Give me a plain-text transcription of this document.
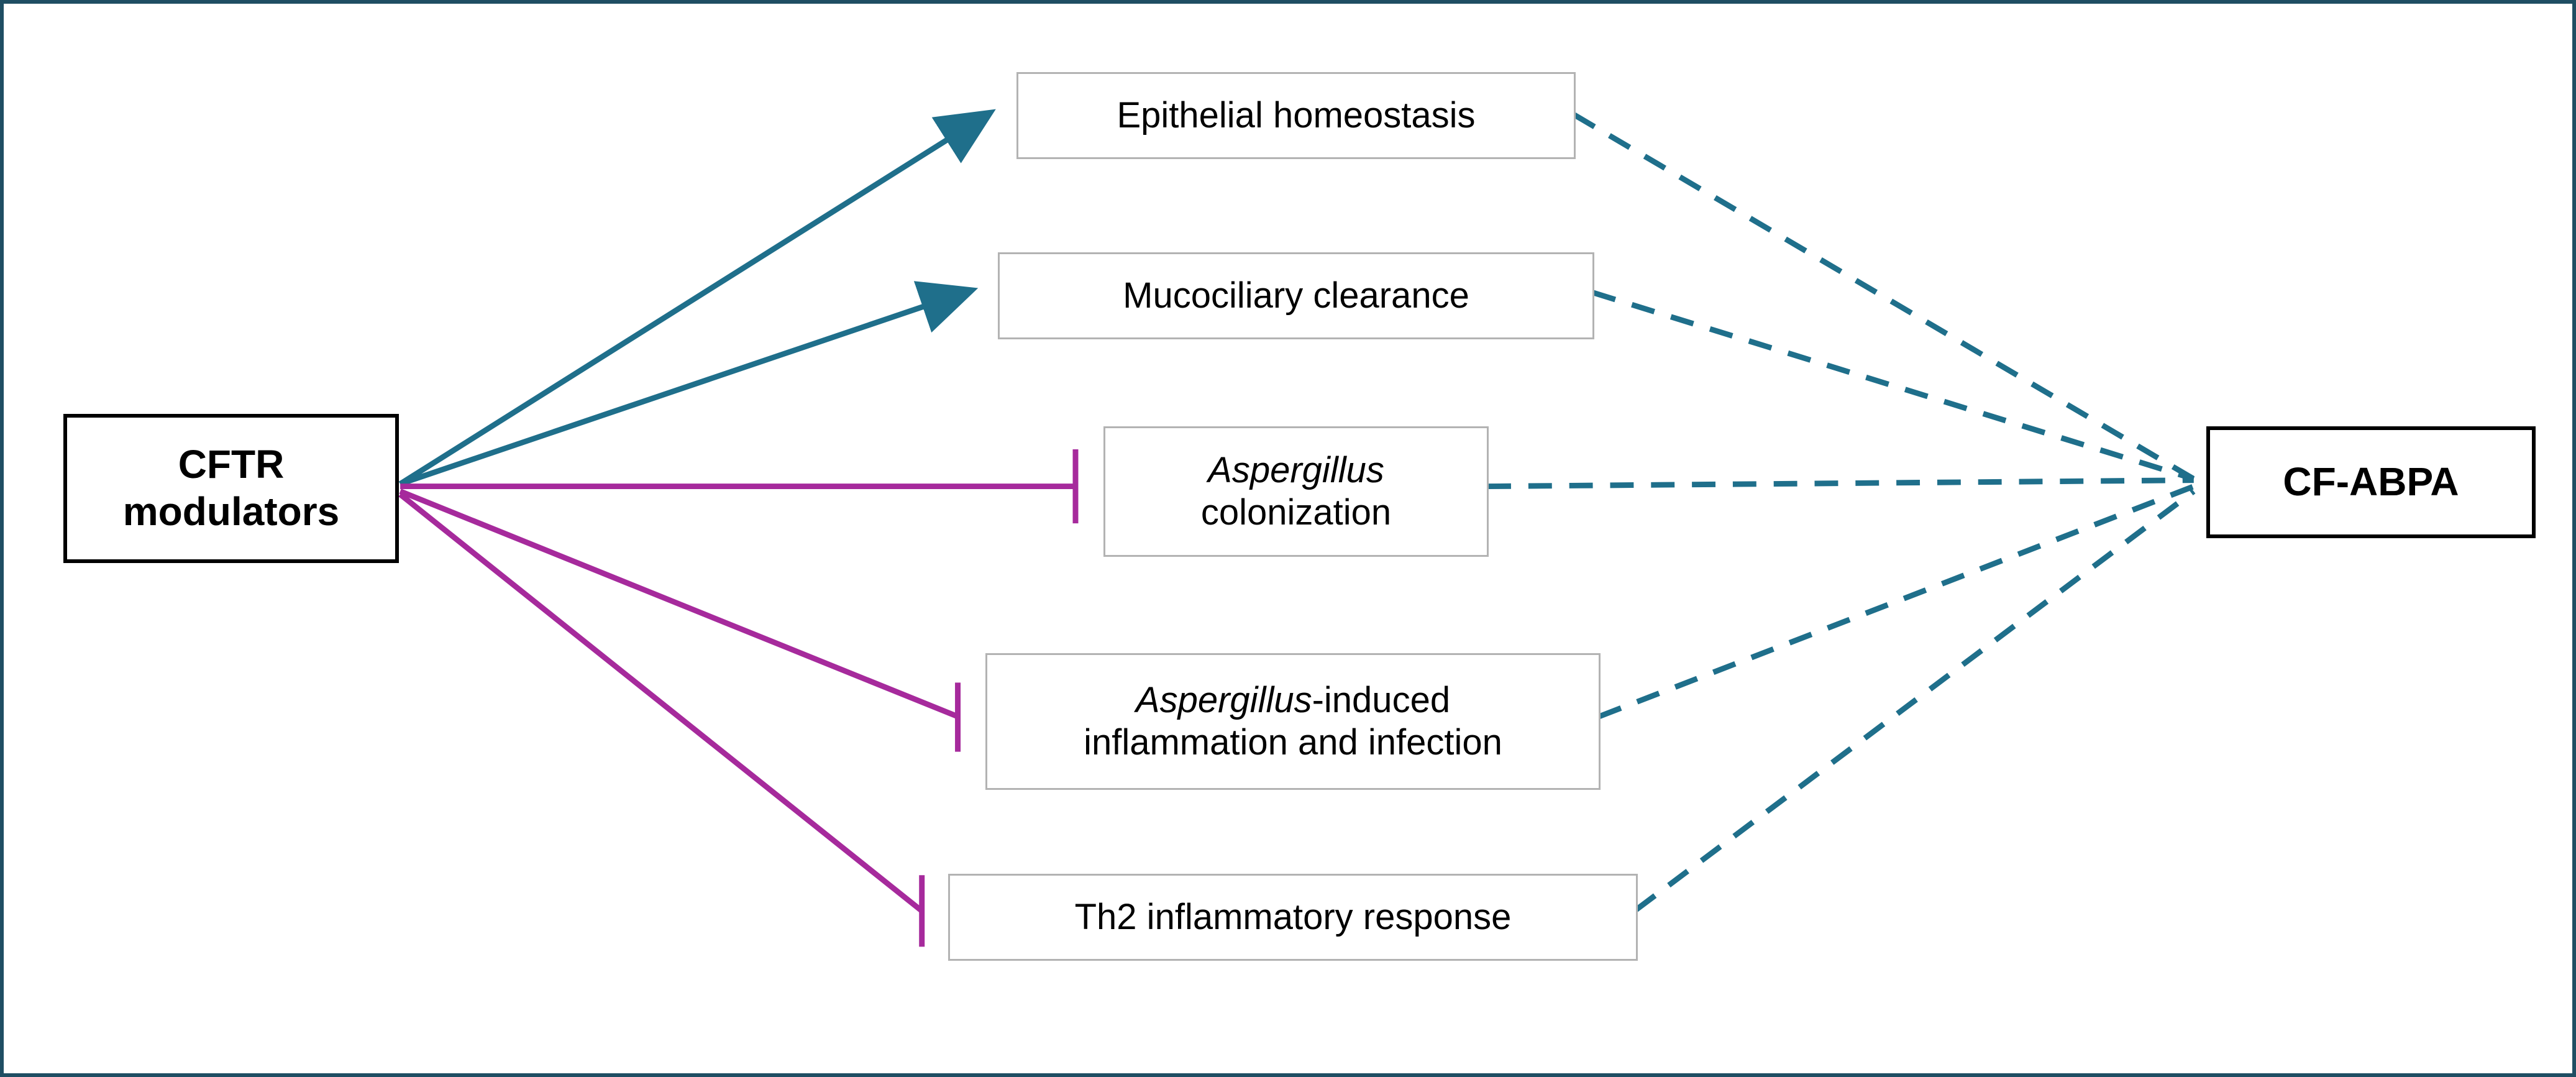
CFTR
modulators
Epithelial homeostasis
Mucociliary clearance
Aspergillus
colonization
Aspergillus-induced
inflammation and infection
Th2 inflammatory response
CF-ABPA
